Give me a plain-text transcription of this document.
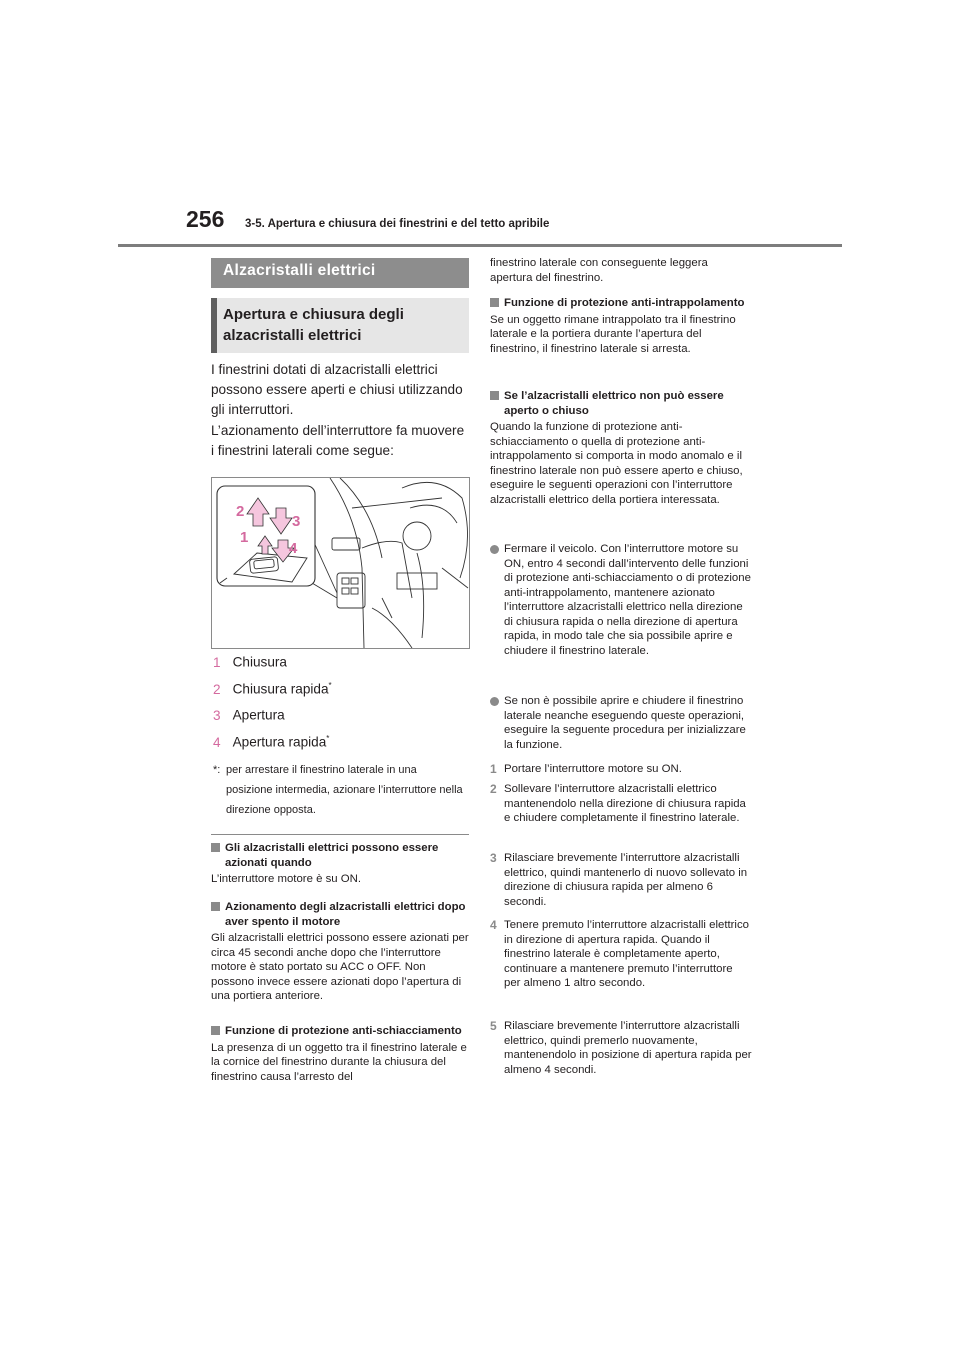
256 3-5. Apertura e chiusura dei finestrini e del tetto apribile
Alzacristalli elettrici
Apertura e chiusura degli alzacristalli elettrici
I finestrini dotati di alzacristalli elettrici possono essere aperti e chiusi utilizzando gli interruttori.
L’azionamento dell’interruttore fa muovere i finestrini laterali come segue:
2
3
1
4
1 Chiusura
2 Chiusura rapida*
3 Apertura
4 Apertura rapida*
*: per arrestare il finestrino laterale in una posizione intermedia, azionare l’interruttore nella direzione opposta.
Gli alzacristalli elettrici possono essere azionati quando
L’interruttore motore è su ON.
Azionamento degli alzacristalli elettrici dopo aver spento il motore
Gli alzacristalli elettrici possono essere azionati per circa 45 secondi anche dopo che l’interruttore motore è stato portato su ACC o OFF. Non possono invece essere azionati dopo l’apertura di una portiera anteriore.
Funzione di protezione anti-schiacciamento
La presenza di un oggetto tra il finestrino laterale e la cornice del finestrino durante la chiusura del finestrino causa l’arresto del
finestrino laterale con conseguente leggera apertura del finestrino.
Funzione di protezione anti-intrappolamento
Se un oggetto rimane intrappolato tra il finestrino laterale e la portiera durante l’apertura del finestrino, il finestrino laterale si arresta.
Se l’alzacristalli elettrico non può essere aperto o chiuso
Quando la funzione di protezione anti-schiacciamento o quella di protezione anti-intrappolamento si comporta in modo anomalo e il finestrino laterale non può essere aperto e chiuso, eseguire le seguenti operazioni con l’interruttore alzacristalli elettrico della portiera interessata.
Fermare il veicolo. Con l’interruttore motore su ON, entro 4 secondi dall’intervento delle funzioni di protezione anti-schiacciamento o di protezione anti-intrappolamento, mantenere azionato l’interruttore alzacristalli elettrico nella direzione di chiusura rapida o nella direzione di apertura rapida, in modo tale che sia possibile aprire e chiudere il finestrino laterale.
Se non è possibile aprire e chiudere il finestrino laterale neanche eseguendo queste operazioni, eseguire la seguente procedura per inizializzare la funzione.
1 Portare l’interruttore motore su ON.
2 Sollevare l’interruttore alzacristalli elettrico mantenendolo nella direzione di chiusura rapida e chiudere completamente il finestrino laterale.
3 Rilasciare brevemente l’interruttore alzacristalli elettrico, quindi mantenerlo di nuovo sollevato in direzione di chiusura rapida per almeno 6 secondi.
4 Tenere premuto l’interruttore alzacristalli elettrico in direzione di apertura rapida. Quando il finestrino laterale è completamente aperto, continuare a mantenere premuto l’interruttore per almeno 1 altro secondo.
5 Rilasciare brevemente l’interruttore alzacristalli elettrico, quindi premerlo nuovamente, mantenendolo in posizione di apertura rapida per almeno 4 secondi.
